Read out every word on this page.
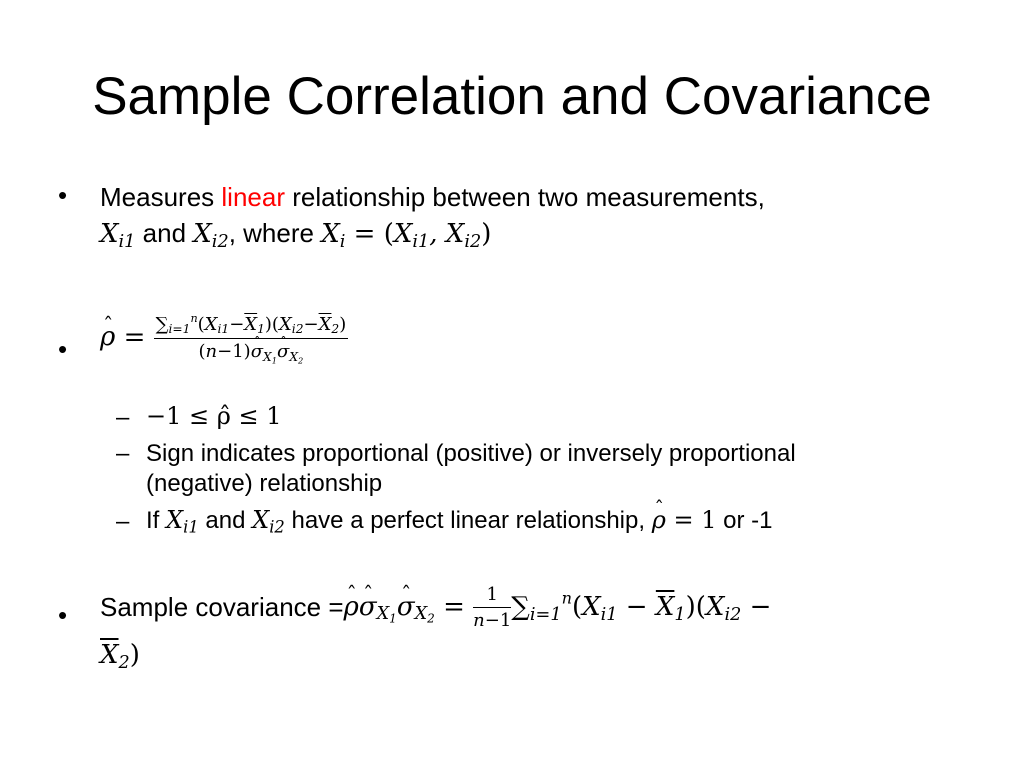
Sample Correlation and Covariance
• Measures linear relationship between two measurements,
$X_{i1}$ and $X_{i2}$, where $X_i = (X_{i1}$, $X_{i2}$)
• ˆ $\rho = \frac{\sum_{i=1}^n(X_{i1}-\overline{X}_1)(X_{i2}-\overline{X}_2)}{(n-1)ˆ \sigma_{X_1}ˆ \sigma_{X_2}}$
– −1 ≤ ρ̂ ≤ 1
– Sign indicates proportional (positive) or inversely proportional
(negative) relationship
– If $X_{i1}$ and $X_{i2}$ have a perfect linear relationship, ˆ ρ = 1 or -1
• Sample covariance =ˆ ρˆ $\sigma_{X_1}ˆ$ $\sigma_{X_2} = \frac{1}{n-1} \sum_{i=1}^n(X_{i1} - \overline{X}_1)(X_{i2}$ −
$\overline{X}_2$)
